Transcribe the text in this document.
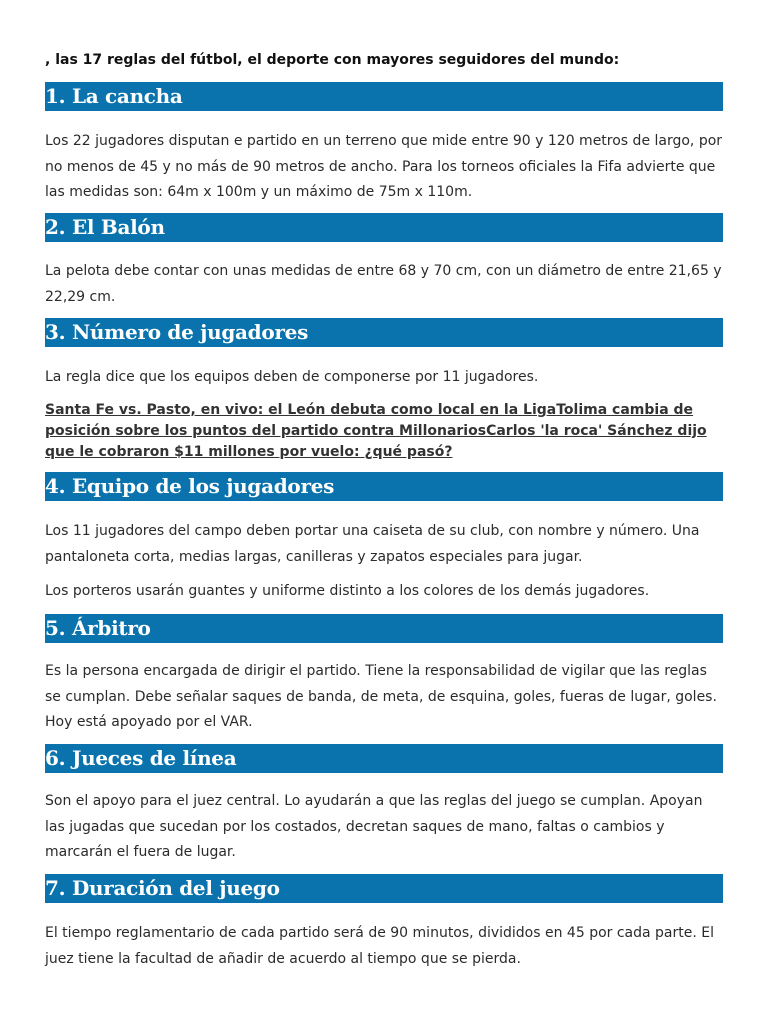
, las 17 reglas del fútbol, el deporte con mayores seguidores del mundo:
1. La cancha
Los 22 jugadores disputan e partido en un terreno que mide entre 90 y 120 metros de largo, por no menos de 45 y no más de 90 metros de ancho. Para los torneos oficiales la Fifa advierte que las medidas son: 64m x 100m y un máximo de 75m x 110m.
2. El Balón
La pelota debe contar con unas medidas de entre 68 y 70 cm, con un diámetro de entre 21,65 y 22,29 cm.
3. Número de jugadores
La regla dice que los equipos deben de componerse por 11 jugadores.
Santa Fe vs. Pasto, en vivo: el León debuta como local en la LigaTolima cambia de posición sobre los puntos del partido contra MillonariosCarlos 'la roca' Sánchez dijo que le cobraron $11 millones por vuelo: ¿qué pasó?
4. Equipo de los jugadores
Los 11 jugadores del campo deben portar una caiseta de su club, con nombre y número. Una pantaloneta corta, medias largas, canilleras y zapatos especiales para jugar.
Los porteros usarán guantes y uniforme distinto a los colores de los demás jugadores.
5. Árbitro
Es la persona encargada de dirigir el partido. Tiene la responsabilidad de vigilar que las reglas se cumplan. Debe señalar saques de banda, de meta, de esquina, goles, fueras de lugar, goles. Hoy está apoyado por el VAR.
6. Jueces de línea
Son el apoyo para el juez central. Lo ayudarán a que las reglas del juego se cumplan. Apoyan las jugadas que sucedan por los costados, decretan saques de mano, faltas o cambios y marcarán el fuera de lugar.
7. Duración del juego
El tiempo reglamentario de cada partido será de 90 minutos, divididos en 45 por cada parte. El juez tiene la facultad de añadir de acuerdo al tiempo que se pierda.
